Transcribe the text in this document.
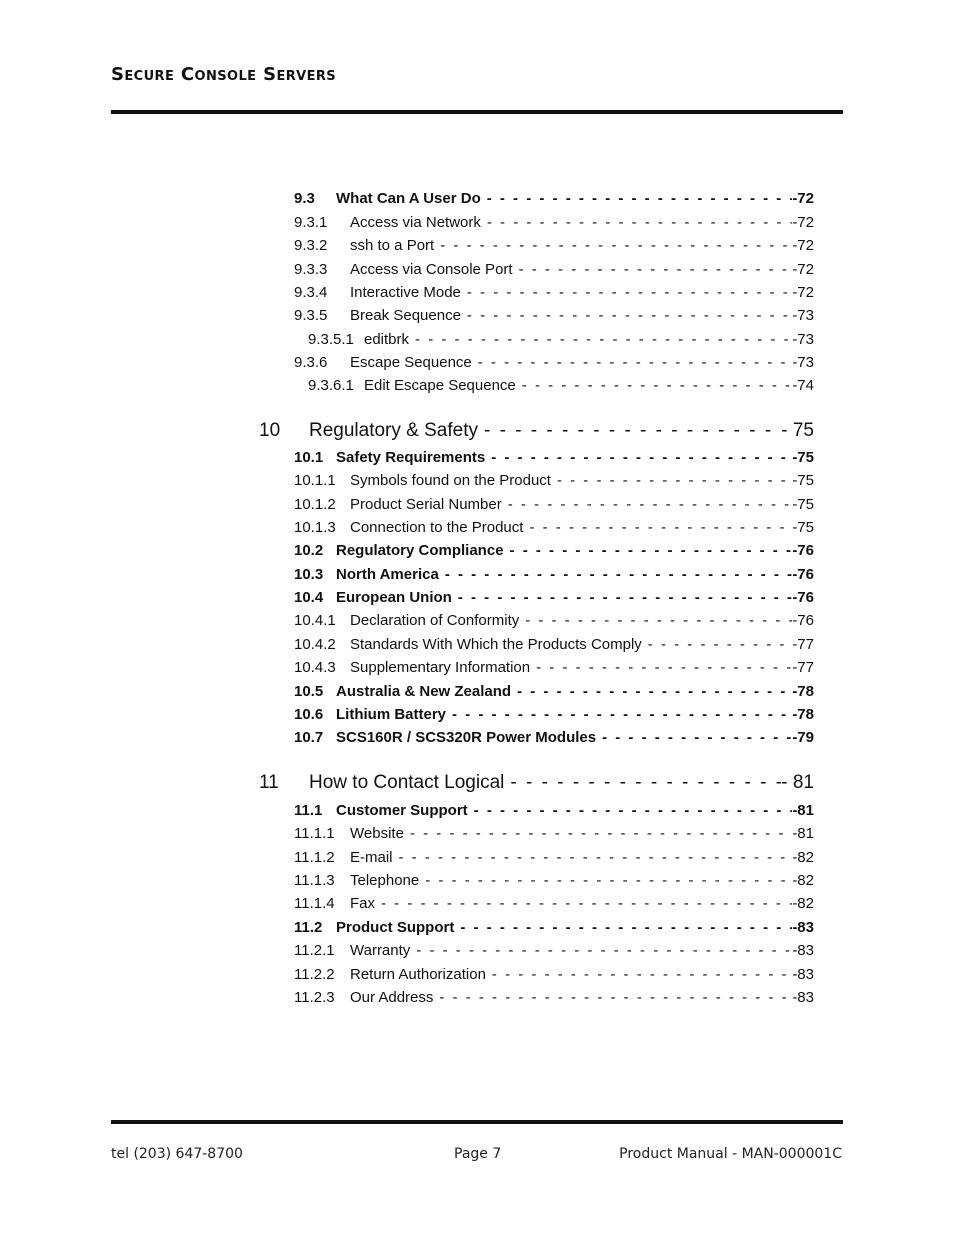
Secure Console Servers
9.3	What Can A User Do - - -	-72
9.3.1	Access via Network - - -	-72
9.3.2	ssh to a Port - - -	-72
9.3.3	Access via Console Port - - -	-72
9.3.4	Interactive Mode - - -	-72
9.3.5	Break Sequence - - -	-73
9.3.5.1 editbrk - - -	-73
9.3.6	Escape Sequence - - -	-73
9.3.6.1 Edit Escape Sequence - - -	-74
10	Regulatory & Safety - - -	- 75
10.1 Safety Requirements - - -	-75
10.1.1 Symbols found on the Product - - -	-75
10.1.2 Product Serial Number - - -	-75
10.1.3 Connection to the Product - - -	-75
10.2 Regulatory Compliance - - -	-76
10.3 North America - - -	-76
10.4 European Union - - -	-76
10.4.1 Declaration of Conformity - - -	-76
10.4.2 Standards With Which the Products Comply - - -	-77
10.4.3 Supplementary Information - - -	-77
10.5 Australia & New Zealand - - -	-78
10.6 Lithium Battery - - -	-78
10.7 SCS160R / SCS320R Power Modules - - -	-79
11	How to Contact Logical - - -	- 81
11.1 Customer Support - - -	-81
11.1.1	Website - - -	-81
11.1.2	E-mail - - -	-82
11.1.3	Telephone - - -	-82
11.1.4	Fax - - -	-82
11.2 Product Support - - -	-83
11.2.1	Warranty - - -	-83
11.2.2	Return Authorization - - -	-83
11.2.3	Our Address - - -	-83
tel (203) 647-8700	Page 7	Product Manual - MAN-000001C
